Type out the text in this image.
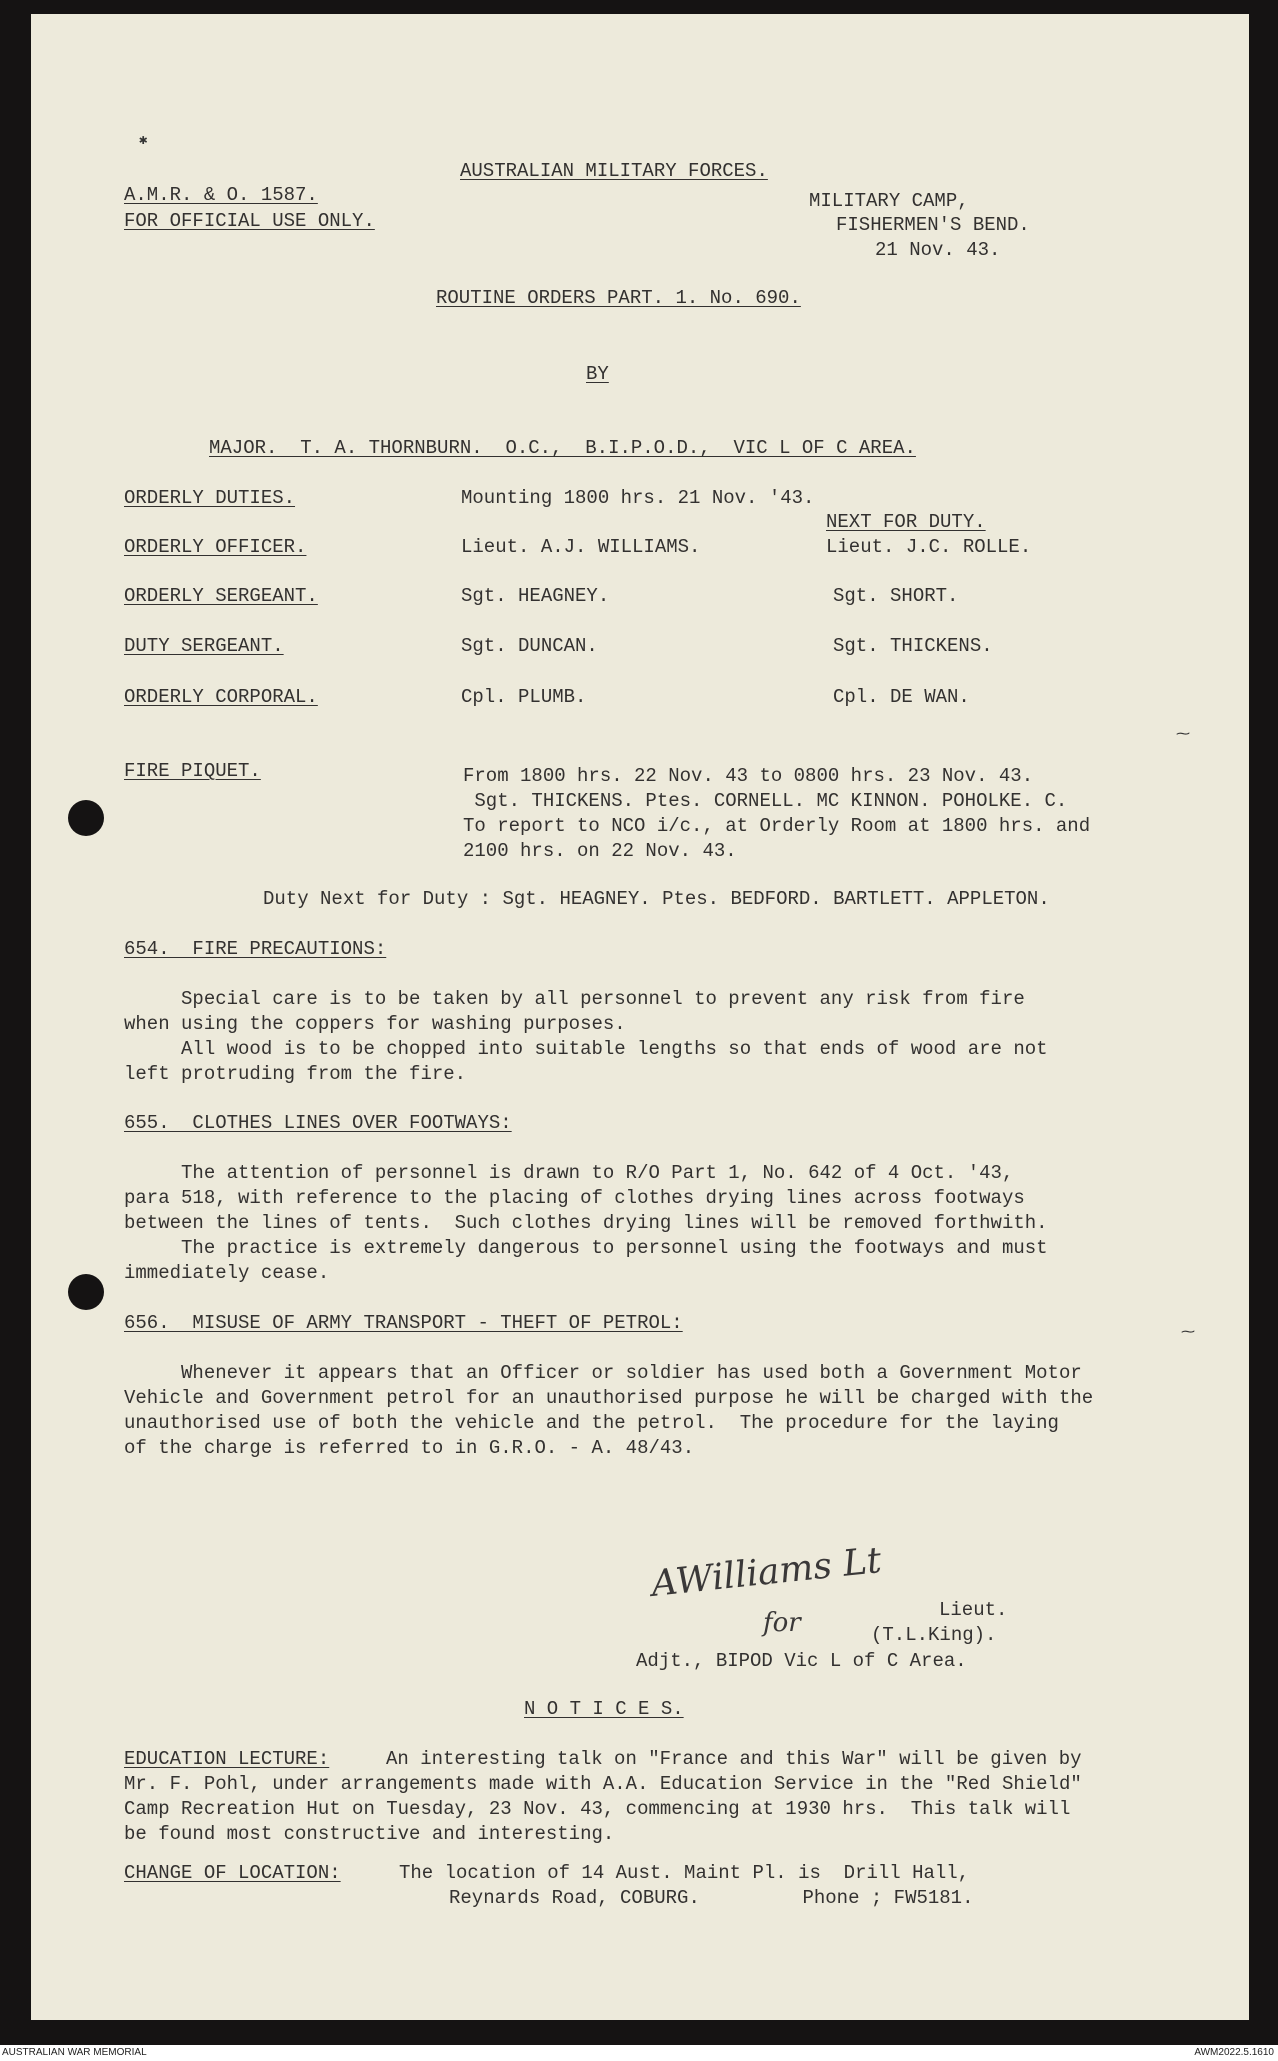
AUSTRALIAN MILITARY FORCES.
A.M.R. & O. 1587.
FOR OFFICIAL USE ONLY.
MILITARY CAMP,
FISHERMEN'S BEND.
21 Nov. 43.
ROUTINE ORDERS PART. 1. No. 690.
BY
MAJOR.  T. A. THORNBURN.  O.C.,  B.I.P.O.D.,  VIC L OF C AREA.
ORDERLY DUTIES.	Mounting 1800 hrs. 21 Nov. '43.
NEXT FOR DUTY.
ORDERLY OFFICER.	Lieut. A.J. WILLIAMS.	Lieut. J.C. ROLLE.
ORDERLY SERGEANT.	Sgt. HEAGNEY.	Sgt. SHORT.
DUTY SERGEANT.	Sgt. DUNCAN.	Sgt. THICKENS.
ORDERLY CORPORAL.	Cpl. PLUMB.	Cpl. DE WAN.
FIRE PIQUET.	From 1800 hrs. 22 Nov. 43 to 0800 hrs. 23 Nov. 43.
Sgt. THICKENS. Ptes. CORNELL. MC KINNON. POHOLKE. C.
To report to NCO i/c., at Orderly Room at 1800 hrs. and
2100 hrs. on 22 Nov. 43.
Duty Next for Duty : Sgt. HEAGNEY. Ptes. BEDFORD. BARTLETT. APPLETON.
654.  FIRE PRECAUTIONS:
Special care is to be taken by all personnel to prevent any risk from fire
when using the coppers for washing purposes.
All wood is to be chopped into suitable lengths so that ends of wood are not
left protruding from the fire.
655.  CLOTHES LINES OVER FOOTWAYS:
The attention of personnel is drawn to R/O Part 1, No. 642 of 4 Oct. '43,
para 518, with reference to the placing of clothes drying lines across footways
between the lines of tents.  Such clothes drying lines will be removed forthwith.
The practice is extremely dangerous to personnel using the footways and must
immediately cease.
656.  MISUSE OF ARMY TRANSPORT - THEFT OF PETROL:
Whenever it appears that an Officer or soldier has used both a Government Motor
Vehicle and Government petrol for an unauthorised purpose he will be charged with the
unauthorised use of both the vehicle and the petrol.  The procedure for the laying
of the charge is referred to in G.R.O. - A. 48/43.
AWilliams Lt
for	Lieut.
(T.L.King).
Adjt., BIPOD Vic L of C Area.
N O T I C E S.
EDUCATION LECTURE:	An interesting talk on "France and this War" will be given by
Mr. F. Pohl, under arrangements made with A.A. Education Service in the "Red Shield"
Camp Recreation Hut on Tuesday, 23 Nov. 43, commencing at 1930 hrs.  This talk will
be found most constructive and interesting.
CHANGE OF LOCATION:	The location of 14 Aust. Maint Pl. is  Drill Hall,
Reynards Road, COBURG.         Phone ; FW5181.
✱
⁓
⁓
AUSTRALIAN WAR MEMORIAL	AWM2022.5.1610
